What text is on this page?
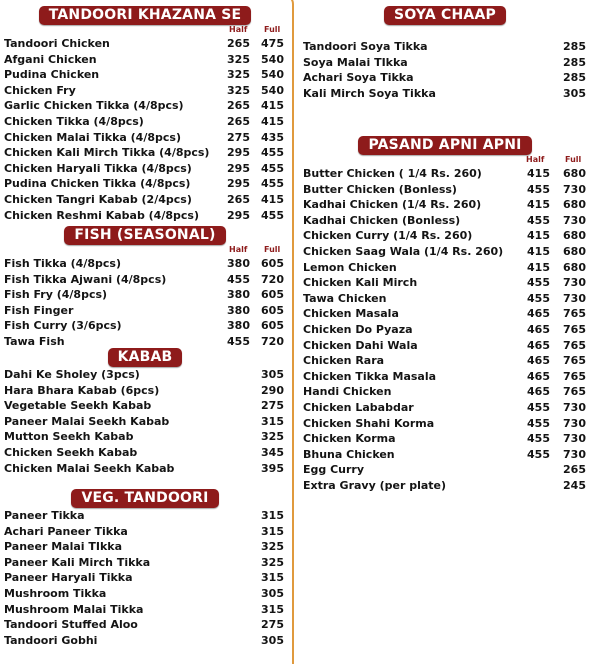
TANDOORI KHAZANA SE
Half Full
Tandoori Chicken	265	475
Afgani Chicken	325	540
Pudina Chicken	325	540
Chicken Fry	325	540
Garlic Chicken Tikka (4/8pcs)	265	415
Chicken Tikka (4/8pcs)	265	415
Chicken Malai Tikka (4/8pcs)	275	435
Chicken Kali Mirch Tikka (4/8pcs)	295	455
Chicken Haryali Tikka (4/8pcs)	295	455
Pudina Chicken Tikka (4/8pcs)	295	455
Chicken Tangri Kabab (2/4pcs)	265	415
Chicken Reshmi Kabab (4/8pcs)	295	455
FISH (SEASONAL)
Half Full
Fish Tikka (4/8pcs)	380	605
Fish Tikka Ajwani (4/8pcs)	455	720
Fish Fry (4/8pcs)	380	605
Fish Finger	380	605
Fish Curry (3/6pcs)	380	605
Tawa Fish	455	720
KABAB
Dahi Ke Sholey (3pcs)	305
Hara Bhara Kabab (6pcs)	290
Vegetable Seekh Kabab	275
Paneer Malai Seekh Kabab	315
Mutton Seekh Kabab	325
Chicken Seekh Kabab	345
Chicken Malai Seekh Kabab	395
VEG. TANDOORI
Paneer Tikka	315
Achari Paneer Tikka	315
Paneer Malai TIkka	325
Paneer Kali Mirch Tikka	325
Paneer Haryali Tikka	315
Mushroom Tikka	305
Mushroom Malai Tikka	315
Tandoori Stuffed Aloo	275
Tandoori Gobhi	305
SOYA CHAAP
Tandoori Soya Tikka	285
Soya Malai TIkka	285
Achari Soya Tikka	285
Kali Mirch Soya Tikka	305
PASAND APNI APNI
Half	Full
Butter Chicken ( 1/4 Rs. 260)	415	680
Butter Chicken (Bonless)	455	730
Kadhai Chicken (1/4 Rs. 260)	415	680
Kadhai Chicken (Bonless)	455	730
Chicken Curry (1/4 Rs. 260)	415	680
Chicken Saag Wala (1/4 Rs. 260)	415	680
Lemon Chicken	415	680
Chicken Kali Mirch	455	730
Tawa Chicken	455	730
Chicken Masala	465	765
Chicken Do Pyaza	465	765
Chicken Dahi Wala	465	765
Chicken Rara	465	765
Chicken Tikka Masala	465	765
Handi Chicken	465	765
Chicken Lababdar	455	730
Chicken Shahi Korma	455	730
Chicken Korma	455	730
Bhuna Chicken	455	730
Egg Curry	265
Extra Gravy (per plate)	245
